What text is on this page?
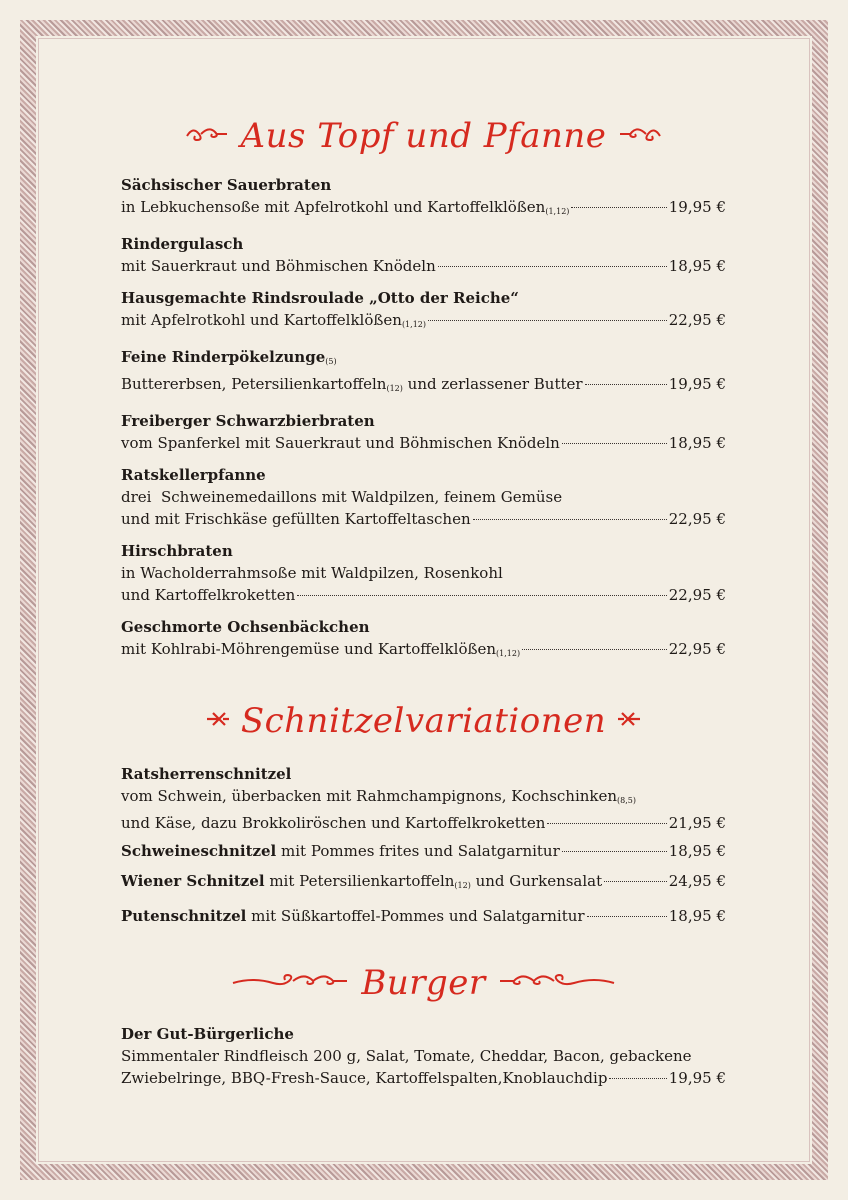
Aus Topf und Pfanne
Sächsischer Sauerbraten
in Lebkuchensoße mit Apfelrotkohl und Kartoffelklößen$_{(1,12)}$	19,95 €
Rindergulasch
mit Sauerkraut und Böhmischen Knödeln	18,95 €
Hausgemachte Rindsroulade „Otto der Reiche“
mit Apfelrotkohl und Kartoffelklößen$_{(1,12)}$	22,95 €
Feine Rinderpökelzunge$_{(5)}$
Buttererbsen, Petersilienkartoffeln$_{(12)}$ und zerlassener Butter	19,95 €
Freiberger Schwarzbierbraten
vom Spanferkel mit Sauerkraut und Böhmischen Knödeln	18,95 €
Ratskellerpfanne
drei  Schweinemedaillons mit Waldpilzen, feinem Gemüse
und mit Frischkäse gefüllten Kartoffeltaschen	22,95 €
Hirschbraten
in Wacholderrahmsoße mit Waldpilzen, Rosenkohl
und Kartoffelkroketten	22,95 €
Geschmorte Ochsenbäckchen
mit Kohlrabi-Möhrengemüse und Kartoffelklößen$_{(1,12)}$	22,95 €
Schnitzelvariationen
Ratsherrenschnitzel
vom Schwein, überbacken mit Rahmchampignons, Kochschinken$_{(8,5)}$
und Käse, dazu Brokkoliröschen und Kartoffelkroketten	21,95 €
Schweineschnitzel mit Pommes frites und Salatgarnitur	18,95 €
Wiener Schnitzel mit Petersilienkartoffeln$_{(12)}$ und Gurkensalat	24,95 €
Putenschnitzel mit Süßkartoffel-Pommes und Salatgarnitur	18,95 €
Burger
Der Gut-Bürgerliche
Simmentaler Rindfleisch 200 g, Salat, Tomate, Cheddar, Bacon, gebackene
Zwiebelringe, BBQ-Fresh-Sauce, Kartoffelspalten,Knoblauchdip	19,95 €
